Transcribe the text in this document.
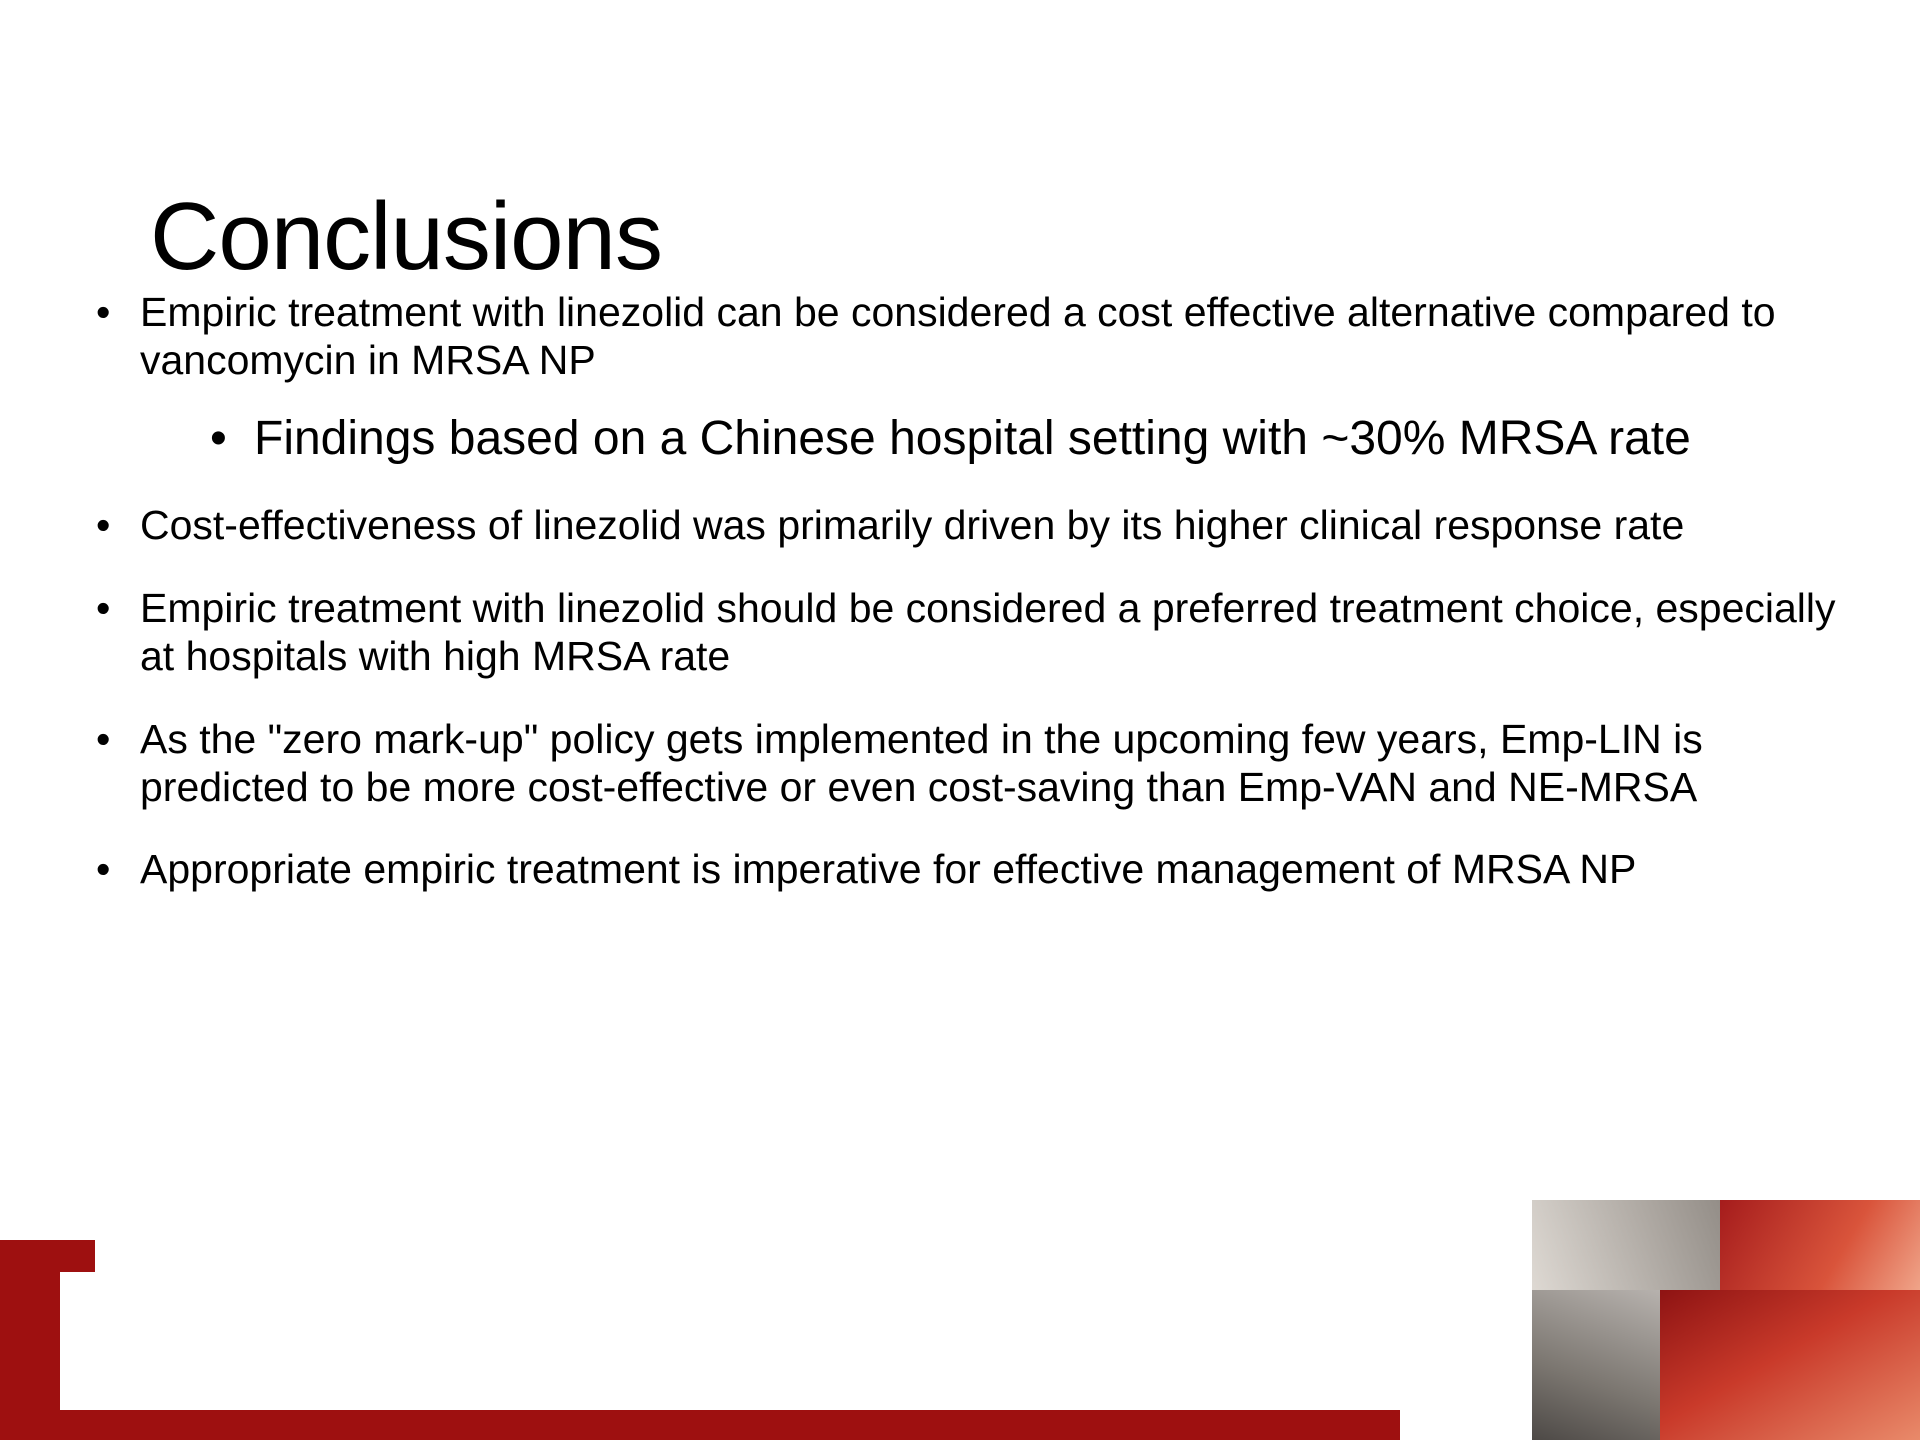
Conclusions
• Empiric treatment with linezolid can be considered a cost effective alternative compared to vancomycin in MRSA NP
• Findings based on a Chinese hospital setting with ~30% MRSA rate
• Cost-effectiveness of linezolid was primarily driven by its higher clinical response rate
• Empiric treatment with linezolid should be considered a preferred treatment choice, especially at hospitals with high MRSA rate
• As the "zero mark-up" policy gets implemented in the upcoming few years, Emp-LIN is predicted to be more cost-effective or even cost-saving than Emp-VAN and NE-MRSA
• Appropriate empiric treatment is imperative for effective management of MRSA NP
